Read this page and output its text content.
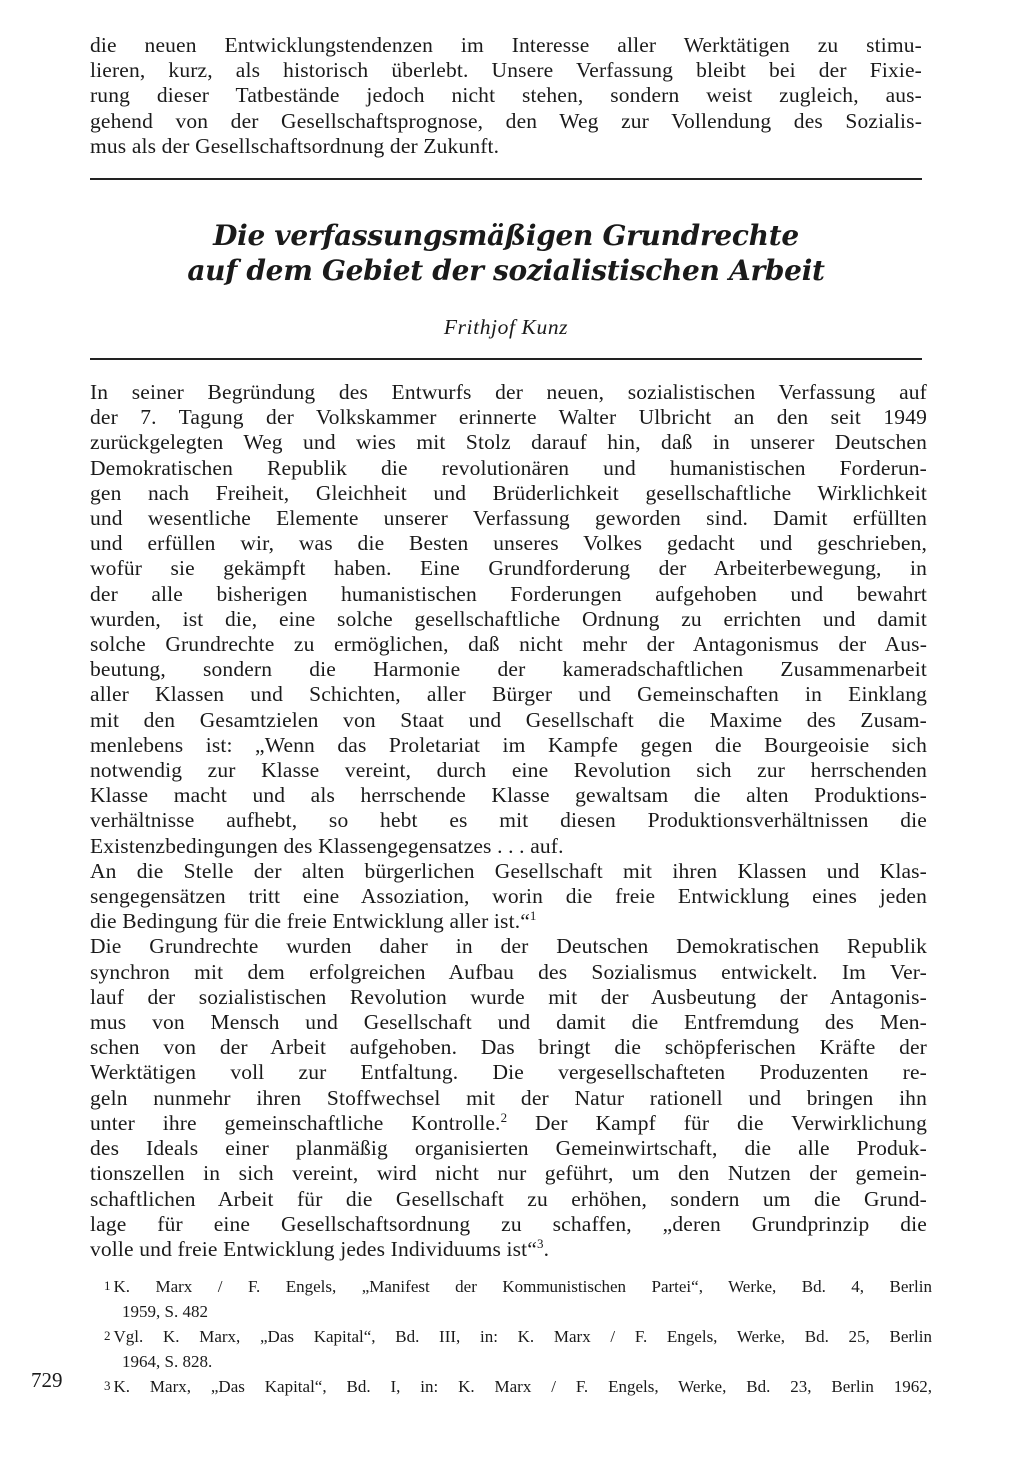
die neuen Entwicklungstendenzen im Interesse aller Werktätigen zu stimu-
lieren, kurz, als historisch überlebt. Unsere Verfassung bleibt bei der Fixie-
rung dieser Tatbestände jedoch nicht stehen, sondern weist zugleich, aus-
gehend von der Gesellschaftsprognose, den Weg zur Vollendung des Sozialis-
mus als der Gesellschaftsordnung der Zukunft.
Die verfassungsmäßigen Grundrechte
auf dem Gebiet der sozialistischen Arbeit
Frithjof Kunz
In seiner Begründung des Entwurfs der neuen, sozialistischen Verfassung auf
der 7. Tagung der Volkskammer erinnerte Walter Ulbricht an den seit 1949
zurückgelegten Weg und wies mit Stolz darauf hin, daß in unserer Deutschen
Demokratischen Republik die revolutionären und humanistischen Forderun-
gen nach Freiheit, Gleichheit und Brüderlichkeit gesellschaftliche Wirklichkeit
und wesentliche Elemente unserer Verfassung geworden sind. Damit erfüllten
und erfüllen wir, was die Besten unseres Volkes gedacht und geschrieben,
wofür sie gekämpft haben. Eine Grundforderung der Arbeiterbewegung, in
der alle bisherigen humanistischen Forderungen aufgehoben und bewahrt
wurden, ist die, eine solche gesellschaftliche Ordnung zu errichten und damit
solche Grundrechte zu ermöglichen, daß nicht mehr der Antagonismus der Aus-
beutung, sondern die Harmonie der kameradschaftlichen Zusammenarbeit
aller Klassen und Schichten, aller Bürger und Gemeinschaften in Einklang
mit den Gesamtzielen von Staat und Gesellschaft die Maxime des Zusam-
menlebens ist: „Wenn das Proletariat im Kampfe gegen die Bourgeoisie sich
notwendig zur Klasse vereint, durch eine Revolution sich zur herrschenden
Klasse macht und als herrschende Klasse gewaltsam die alten Produktions-
verhältnisse aufhebt, so hebt es mit diesen Produktionsverhältnissen die
Existenzbedingungen des Klassengegensatzes . . . auf.
An die Stelle der alten bürgerlichen Gesellschaft mit ihren Klassen und Klas-
sengegensätzen tritt eine Assoziation, worin die freie Entwicklung eines jeden
die Bedingung für die freie Entwicklung aller ist.“$^1$
Die Grundrechte wurden daher in der Deutschen Demokratischen Republik
synchron mit dem erfolgreichen Aufbau des Sozialismus entwickelt. Im Ver-
lauf der sozialistischen Revolution wurde mit der Ausbeutung der Antagonis-
mus von Mensch und Gesellschaft und damit die Entfremdung des Men-
schen von der Arbeit aufgehoben. Das bringt die schöpferischen Kräfte der
Werktätigen voll zur Entfaltung. Die vergesellschafteten Produzenten re-
geln nunmehr ihren Stoffwechsel mit der Natur rationell und bringen ihn
unter ihre gemeinschaftliche Kontrolle.$^2$ Der Kampf für die Verwirklichung
des Ideals einer planmäßig organisierten Gemeinwirtschaft, die alle Produk-
tionszellen in sich vereint, wird nicht nur geführt, um den Nutzen der gemein-
schaftlichen Arbeit für die Gesellschaft zu erhöhen, sondern um die Grund-
lage für eine Gesellschaftsordnung zu schaffen, „deren Grundprinzip die
volle und freie Entwicklung jedes Individuums ist“$^3$.
1 K. Marx / F. Engels, „Manifest der Kommunistischen Partei“, Werke, Bd. 4, Berlin
1959, S. 482
2 Vgl. K. Marx, „Das Kapital“, Bd. III, in: K. Marx / F. Engels, Werke, Bd. 25, Berlin
1964, S. 828.
3 K. Marx, „Das Kapital“, Bd. I, in: K. Marx / F. Engels, Werke, Bd. 23, Berlin 1962,
729
